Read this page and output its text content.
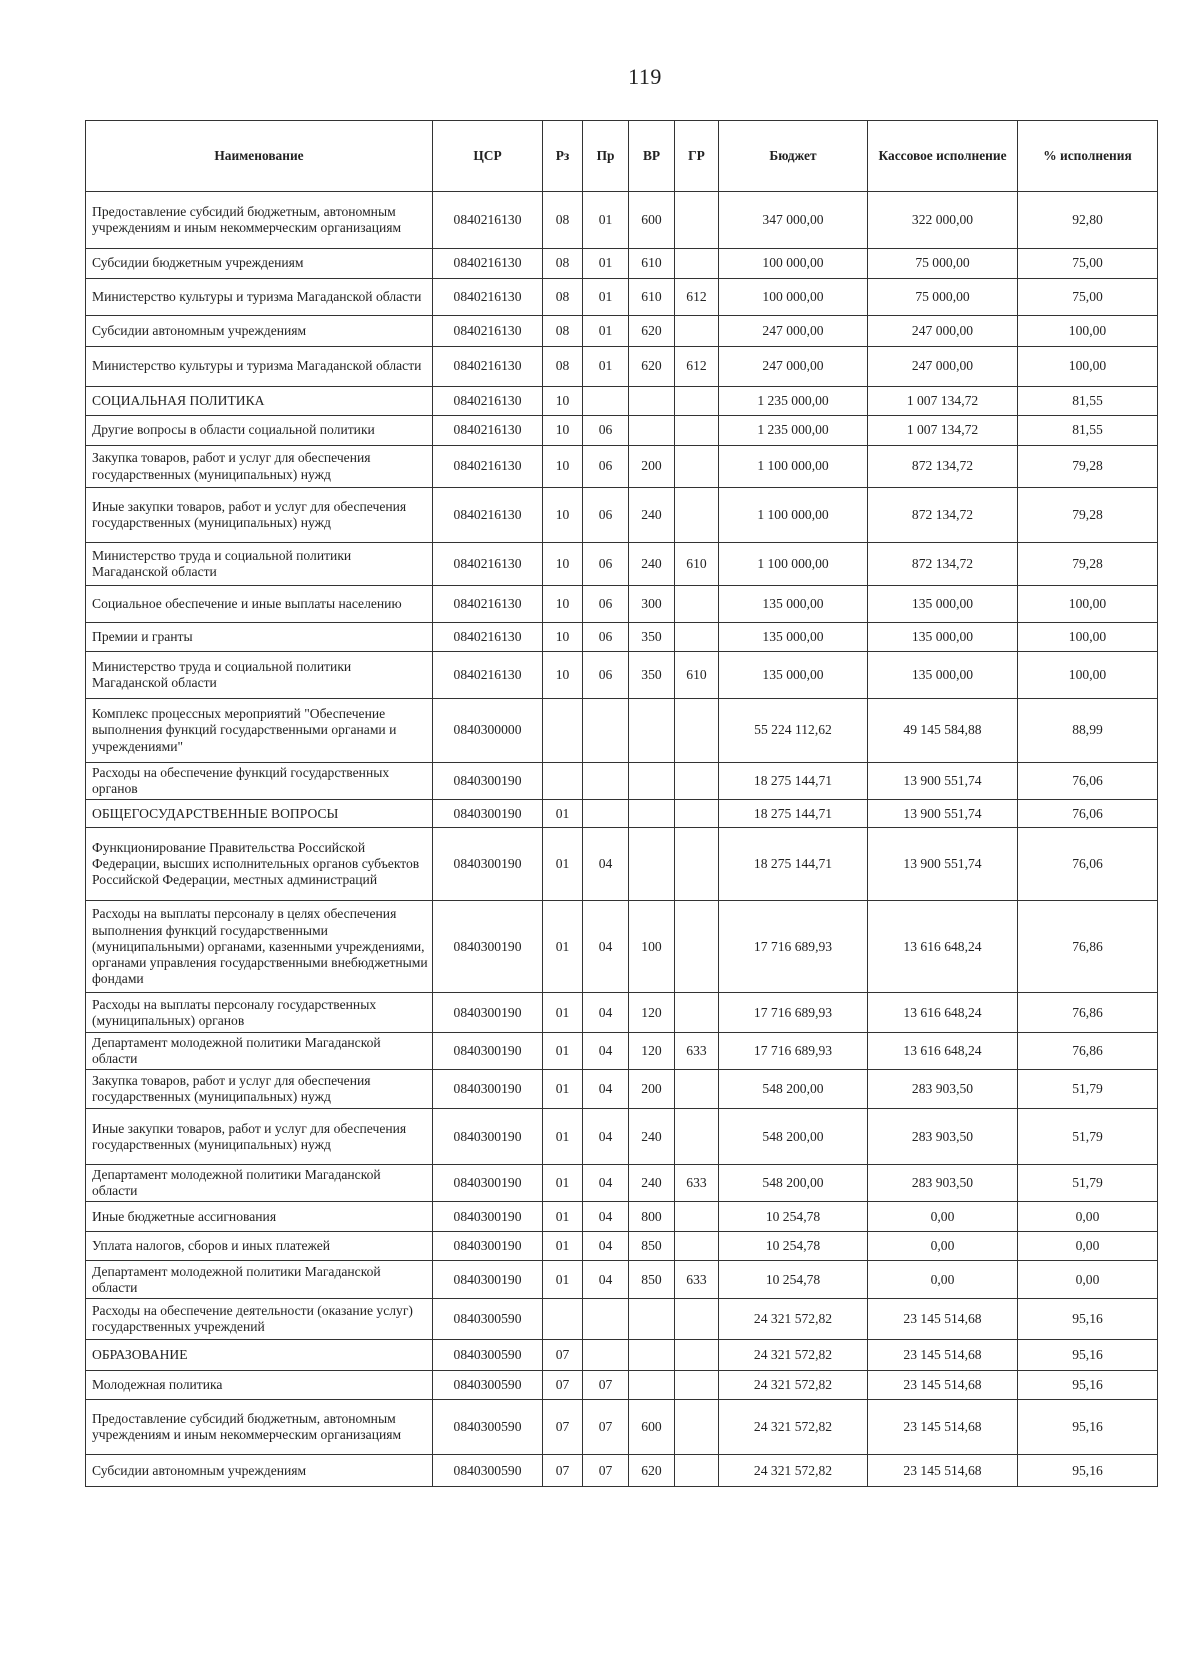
119
Наименование	ЦСР	Рз	Пр	ВР	ГР	Бюджет	Кассовое исполнение	% исполнения
Предоставление субсидий бюджетным, автономным учреждениям и иным некоммерческим организациям	0840216130	08	01	600		347 000,00	322 000,00	92,80
Субсидии бюджетным учреждениям	0840216130	08	01	610		100 000,00	75 000,00	75,00
Министерство культуры и туризма Магаданской области	0840216130	08	01	610	612	100 000,00	75 000,00	75,00
Субсидии автономным учреждениям	0840216130	08	01	620		247 000,00	247 000,00	100,00
Министерство культуры и туризма Магаданской области	0840216130	08	01	620	612	247 000,00	247 000,00	100,00
СОЦИАЛЬНАЯ ПОЛИТИКА	0840216130	10				1 235 000,00	1 007 134,72	81,55
Другие вопросы в области социальной политики	0840216130	10	06			1 235 000,00	1 007 134,72	81,55
Закупка товаров, работ и услуг для обеспечения государственных (муниципальных) нужд	0840216130	10	06	200		1 100 000,00	872 134,72	79,28
Иные закупки товаров, работ и услуг для обеспечения государственных (муниципальных) нужд	0840216130	10	06	240		1 100 000,00	872 134,72	79,28
Министерство труда и социальной политики Магаданской области	0840216130	10	06	240	610	1 100 000,00	872 134,72	79,28
Социальное обеспечение и иные выплаты населению	0840216130	10	06	300		135 000,00	135 000,00	100,00
Премии и гранты	0840216130	10	06	350		135 000,00	135 000,00	100,00
Министерство труда и социальной политики Магаданской области	0840216130	10	06	350	610	135 000,00	135 000,00	100,00
Комплекс процессных мероприятий "Обеспечение выполнения функций государственными органами и учреждениями"	0840300000					55 224 112,62	49 145 584,88	88,99
Расходы на обеспечение функций государственных органов	0840300190					18 275 144,71	13 900 551,74	76,06
ОБЩЕГОСУДАРСТВЕННЫЕ ВОПРОСЫ	0840300190	01				18 275 144,71	13 900 551,74	76,06
Функционирование Правительства Российской Федерации, высших исполнительных органов субъектов Российской Федерации, местных администраций	0840300190	01	04			18 275 144,71	13 900 551,74	76,06
Расходы на выплаты персоналу в целях обеспечения выполнения функций государственными (муниципальными) органами, казенными учреждениями, органами управления государственными внебюджетными фондами	0840300190	01	04	100		17 716 689,93	13 616 648,24	76,86
Расходы на выплаты персоналу государственных (муниципальных) органов	0840300190	01	04	120		17 716 689,93	13 616 648,24	76,86
Департамент молодежной политики Магаданской области	0840300190	01	04	120	633	17 716 689,93	13 616 648,24	76,86
Закупка товаров, работ и услуг для обеспечения государственных (муниципальных) нужд	0840300190	01	04	200		548 200,00	283 903,50	51,79
Иные закупки товаров, работ и услуг для обеспечения государственных (муниципальных) нужд	0840300190	01	04	240		548 200,00	283 903,50	51,79
Департамент молодежной политики Магаданской области	0840300190	01	04	240	633	548 200,00	283 903,50	51,79
Иные бюджетные ассигнования	0840300190	01	04	800		10 254,78	0,00	0,00
Уплата налогов, сборов и иных платежей	0840300190	01	04	850		10 254,78	0,00	0,00
Департамент молодежной политики Магаданской области	0840300190	01	04	850	633	10 254,78	0,00	0,00
Расходы на обеспечение деятельности (оказание услуг) государственных учреждений	0840300590					24 321 572,82	23 145 514,68	95,16
ОБРАЗОВАНИЕ	0840300590	07				24 321 572,82	23 145 514,68	95,16
Молодежная политика	0840300590	07	07			24 321 572,82	23 145 514,68	95,16
Предоставление субсидий бюджетным, автономным учреждениям и иным некоммерческим организациям	0840300590	07	07	600		24 321 572,82	23 145 514,68	95,16
Субсидии автономным учреждениям	0840300590	07	07	620		24 321 572,82	23 145 514,68	95,16
